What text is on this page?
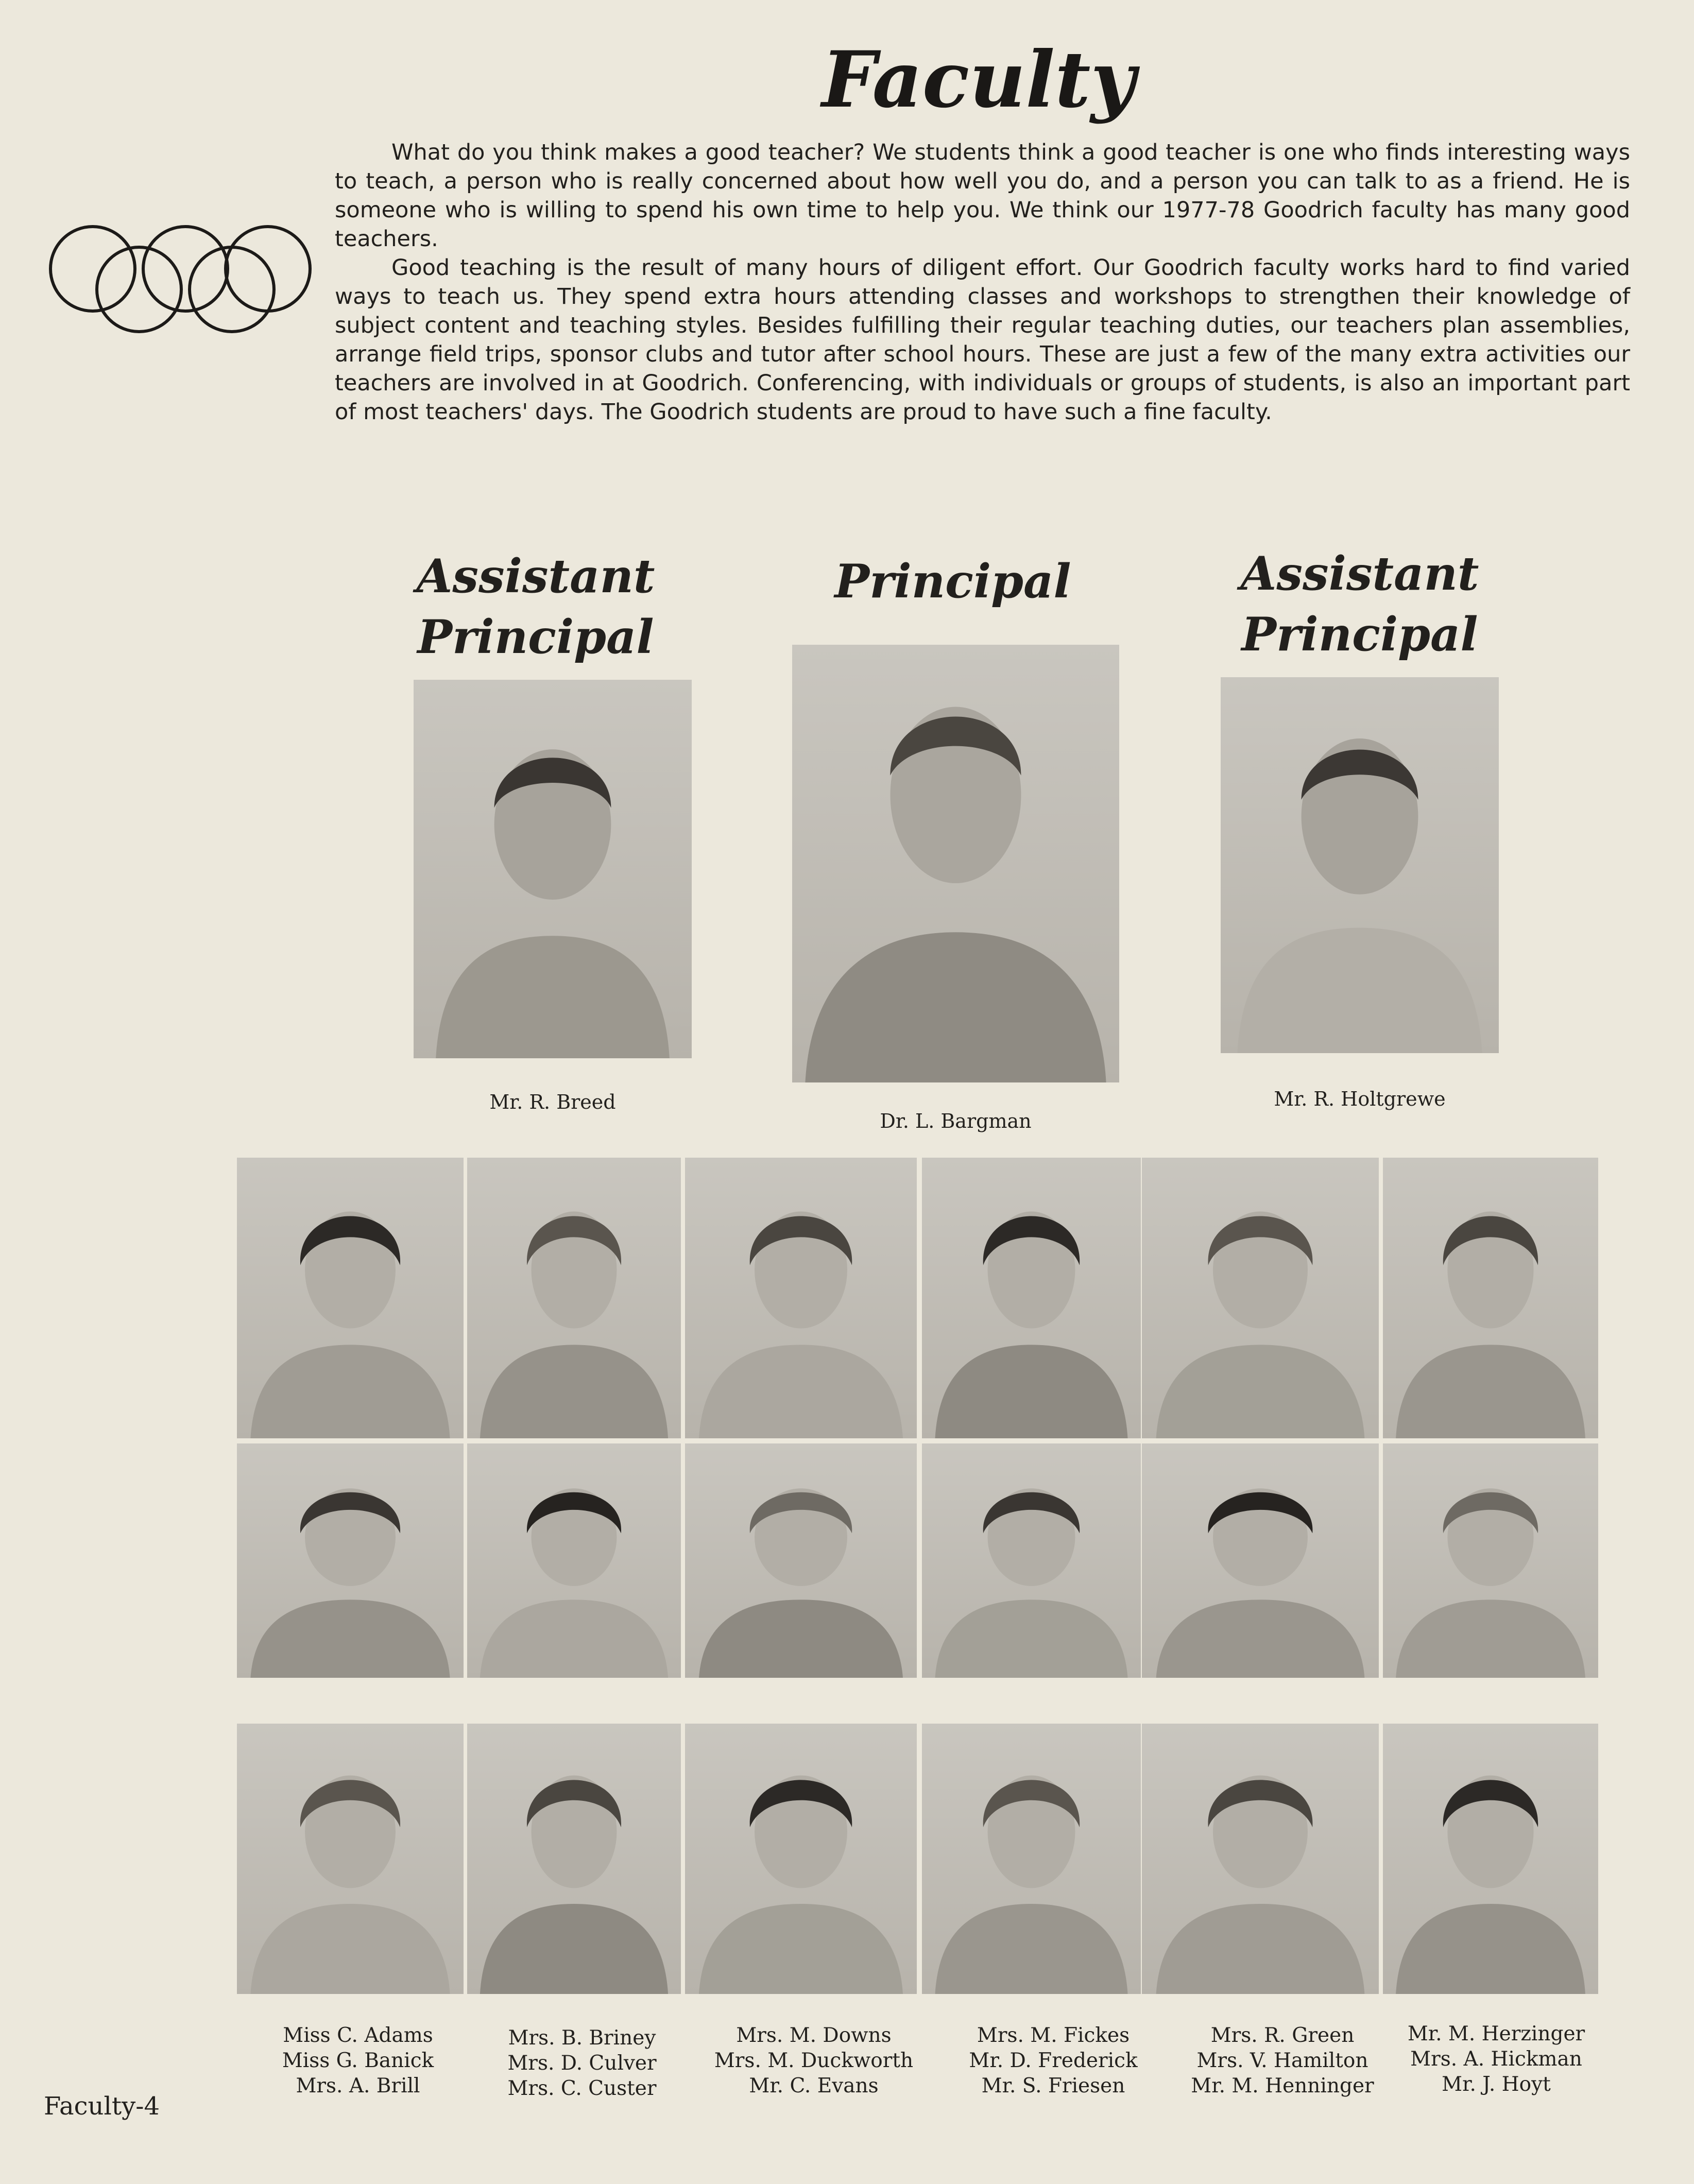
Faculty

What do you think makes a good teacher? We students think a good teacher is one who finds interesting ways to teach, a person who is really concerned about how well you do, and a person you can talk to as a friend. He is someone who is willing to spend his own time to help you. We think our 1977-78 Goodrich faculty has many good teachers.

Good teaching is the result of many hours of diligent effort. Our Goodrich faculty works hard to find varied ways to teach us. They spend extra hours attending classes and workshops to strengthen their knowledge of subject content and teaching styles. Besides fulfilling their regular teaching duties, our teachers plan assemblies, arrange field trips, sponsor clubs and tutor after school hours. These are just a few of the many extra activities our teachers are involved in at Goodrich. Conferencing, with individuals or groups of students, is also an important part of most teachers' days. The Goodrich students are proud to have such a fine faculty.

Assistant
Principal
Principal	Assistant
Principal
Mr. R. Breed
Dr. L. Bargman
Mr. R. Holtgrewe
Miss C. Adams
Miss G. Banick
Mrs. A. Brill
Mrs. B. Briney
Mrs. D. Culver
Mrs. C. Custer
Mrs. M. Downs
Mrs. M. Duckworth
Mr. C. Evans
Mrs. M. Fickes
Mr. D. Frederick
Mr. S. Friesen
Mrs. R. Green
Mrs. V. Hamilton
Mr. M. Henninger
Mr. M. Herzinger
Mrs. A. Hickman
Mr. J. Hoyt
Faculty-4
